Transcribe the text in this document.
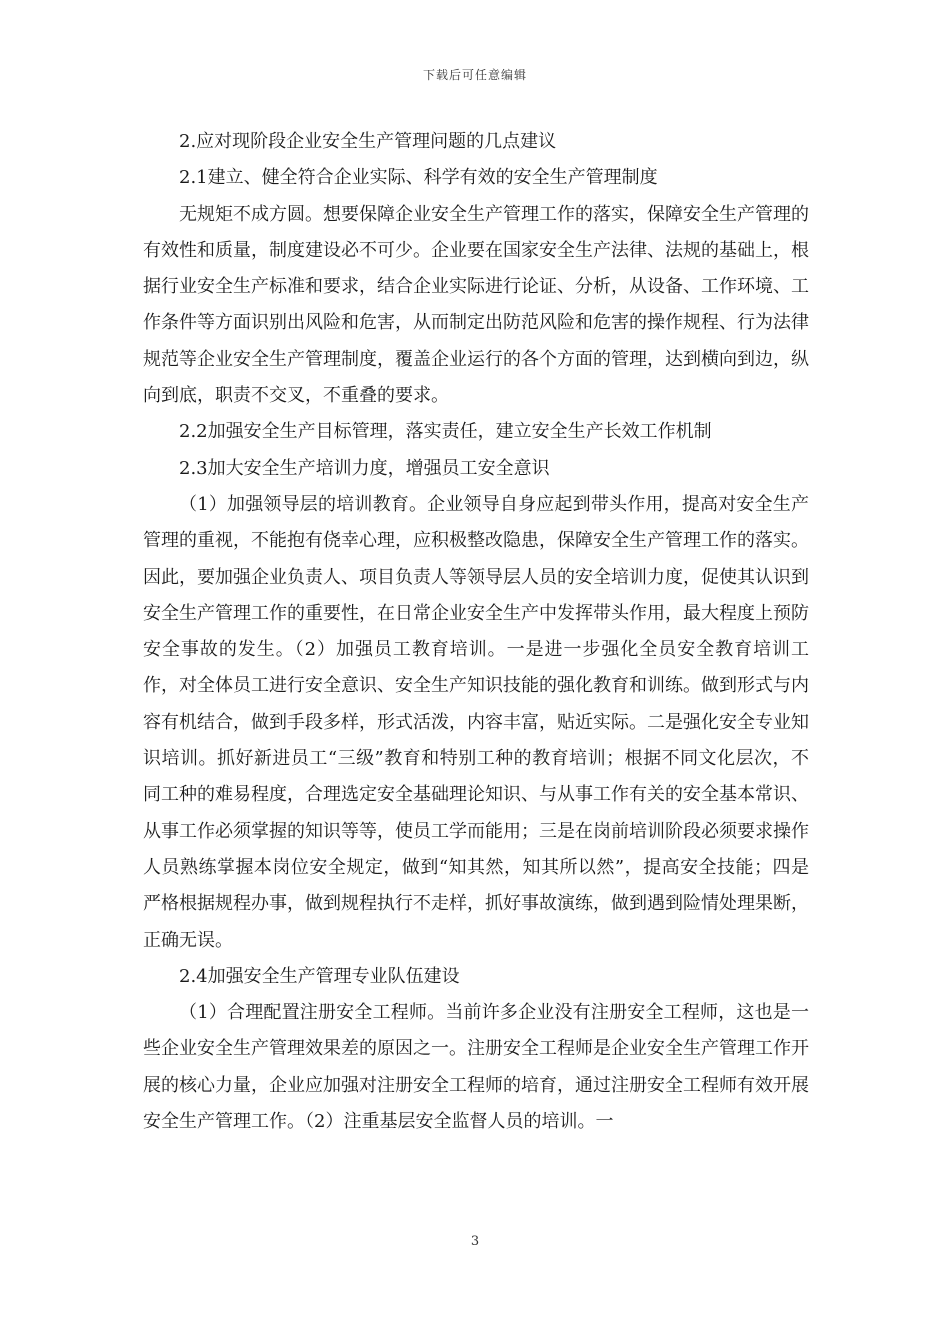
下载后可任意编辑

2.应对现阶段企业安全生产管理问题的几点建议

2.1建立、健全符合企业实际、科学有效的安全生产管理制度

无规矩不成方圆。想要保障企业安全生产管理工作的落实，保障安全生产管理的有效性和质量，制度建设必不可少。企业要在国家安全生产法律、法规的基础上，根据行业安全生产标准和要求，结合企业实际进行论证、分析，从设备、工作环境、工作条件等方面识别出风险和危害，从而制定出防范风险和危害的操作规程、行为法律规范等企业安全生产管理制度，覆盖企业运行的各个方面的管理，达到横向到边，纵向到底，职责不交叉，不重叠的要求。

2.2加强安全生产目标管理，落实责任，建立安全生产长效工作机制

2.3加大安全生产培训力度，增强员工安全意识

（1）加强领导层的培训教育。企业领导自身应起到带头作用，提高对安全生产管理的重视，不能抱有侥幸心理，应积极整改隐患，保障安全生产管理工作的落实。因此，要加强企业负责人、项目负责人等领导层人员的安全培训力度，促使其认识到安全生产管理工作的重要性，在日常企业安全生产中发挥带头作用，最大程度上预防安全事故的发生。（2）加强员工教育培训。一是进一步强化全员安全教育培训工作，对全体员工进行安全意识、安全生产知识技能的强化教育和训练。做到形式与内容有机结合，做到手段多样，形式活泼，内容丰富，贴近实际。二是强化安全专业知识培训。抓好新进员工“三级”教育和特别工种的教育培训；根据不同文化层次，不同工种的难易程度，合理选定安全基础理论知识、与从事工作有关的安全基本常识、从事工作必须掌握的知识等等，使员工学而能用；三是在岗前培训阶段必须要求操作人员熟练掌握本岗位安全规定，做到“知其然，知其所以然”，提高安全技能；四是严格根据规程办事，做到规程执行不走样，抓好事故演练，做到遇到险情处理果断，正确无误。

2.4加强安全生产管理专业队伍建设

（1）合理配置注册安全工程师。当前许多企业没有注册安全工程师，这也是一些企业安全生产管理效果差的原因之一。注册安全工程师是企业安全生产管理工作开展的核心力量，企业应加强对注册安全工程师的培育，通过注册安全工程师有效开展安全生产管理工作。（2）注重基层安全监督人员的培训。一

3
